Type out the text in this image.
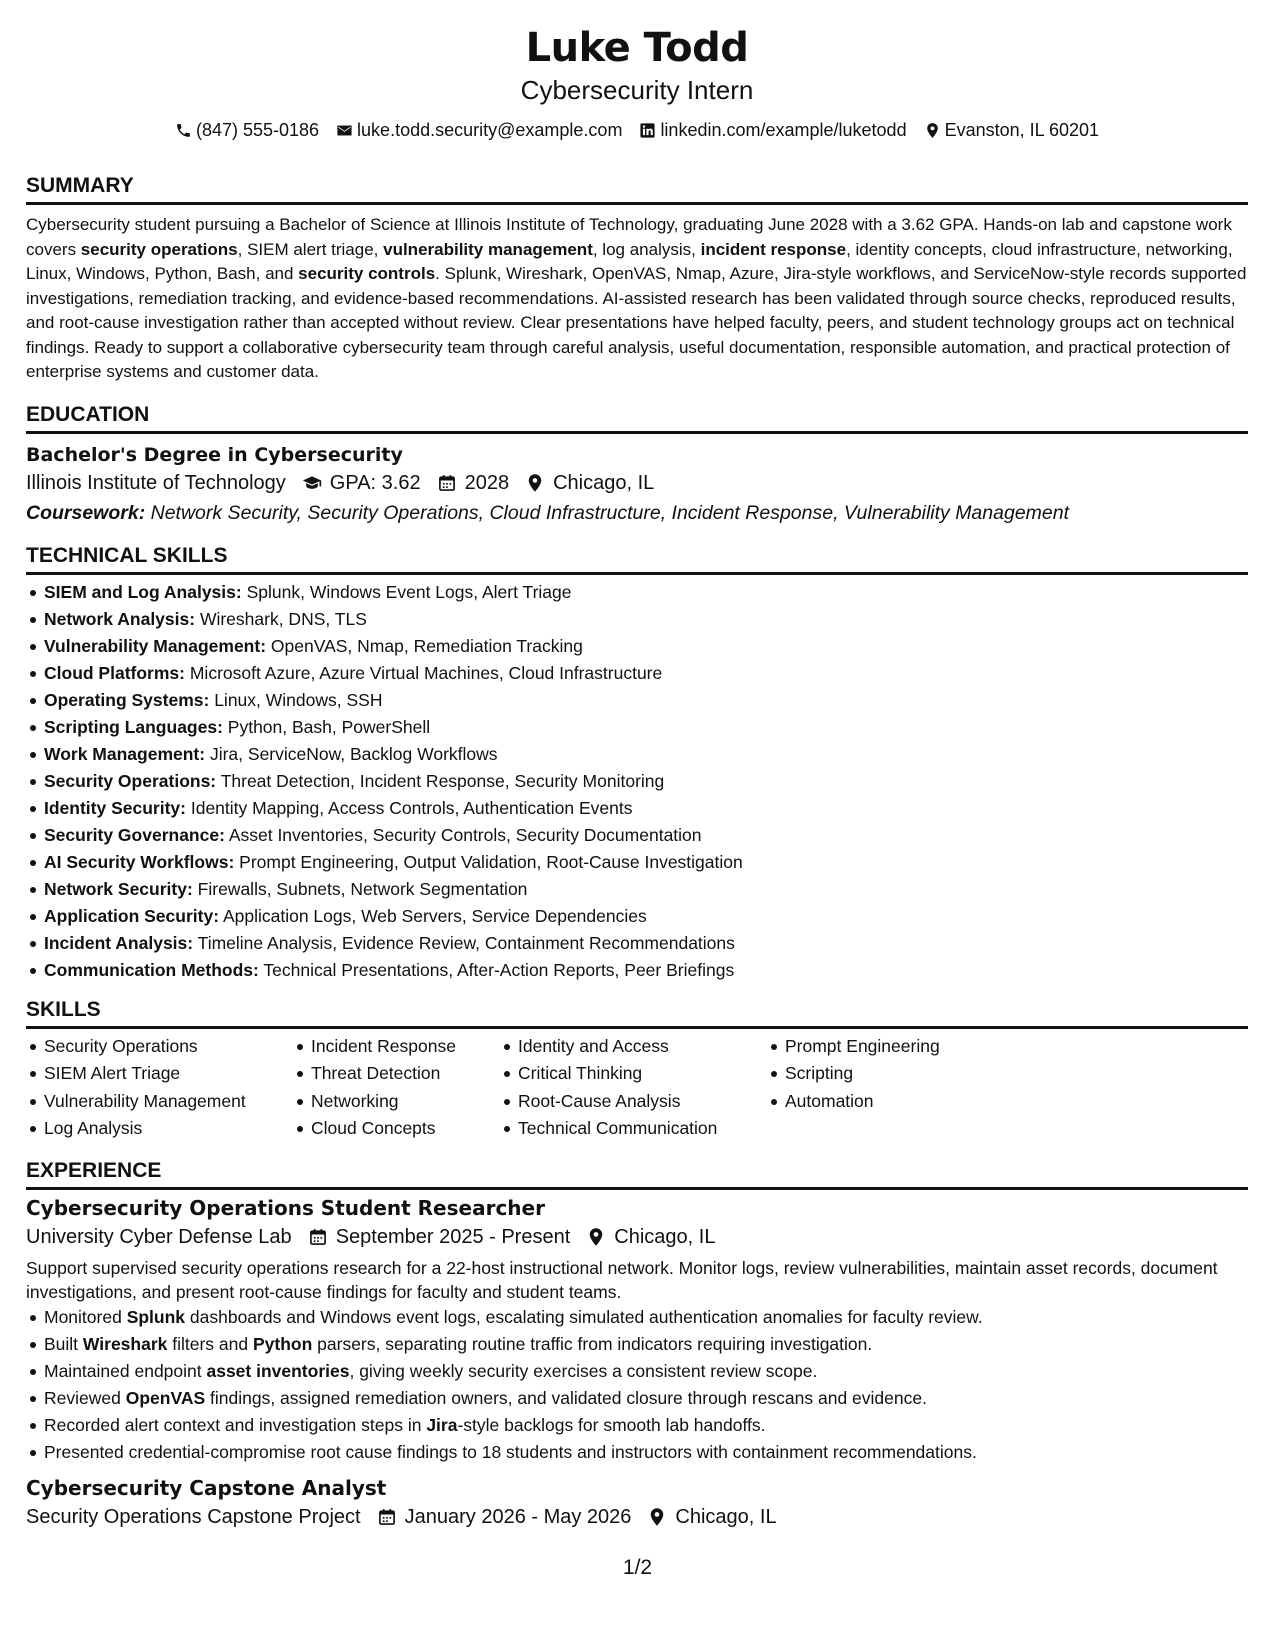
Luke Todd
Cybersecurity Intern
(847) 555-0186 luke.todd.security@example.com linkedin.com/example/luketodd Evanston, IL 60201
SUMMARY

Cybersecurity student pursuing a Bachelor of Science at Illinois Institute of Technology, graduating June 2028 with a 3.62 GPA. Hands-on lab and capstone work covers security operations, SIEM alert triage, vulnerability management, log analysis, incident response, identity concepts, cloud infrastructure, networking, Linux, Windows, Python, Bash, and security controls. Splunk, Wireshark, OpenVAS, Nmap, Azure, Jira-style workflows, and ServiceNow-style records supported investigations, remediation tracking, and evidence-based recommendations. AI-assisted research has been validated through source checks, reproduced results, and root-cause investigation rather than accepted without review. Clear presentations have helped faculty, peers, and student technology groups act on technical findings. Ready to support a collaborative cybersecurity team through careful analysis, useful documentation, responsible automation, and practical protection of enterprise systems and customer data.

EDUCATION
Bachelor's Degree in Cybersecurity
Illinois Institute of Technology GPA: 3.62 2028 Chicago, IL
Coursework: Network Security, Security Operations, Cloud Infrastructure, Incident Response, Vulnerability Management
TECHNICAL SKILLS
SIEM and Log Analysis: Splunk, Windows Event Logs, Alert Triage
Network Analysis: Wireshark, DNS, TLS
Vulnerability Management: OpenVAS, Nmap, Remediation Tracking
Cloud Platforms: Microsoft Azure, Azure Virtual Machines, Cloud Infrastructure
Operating Systems: Linux, Windows, SSH
Scripting Languages: Python, Bash, PowerShell
Work Management: Jira, ServiceNow, Backlog Workflows
Security Operations: Threat Detection, Incident Response, Security Monitoring
Identity Security: Identity Mapping, Access Controls, Authentication Events
Security Governance: Asset Inventories, Security Controls, Security Documentation
AI Security Workflows: Prompt Engineering, Output Validation, Root-Cause Investigation
Network Security: Firewalls, Subnets, Network Segmentation
Application Security: Application Logs, Web Servers, Service Dependencies
Incident Analysis: Timeline Analysis, Evidence Review, Containment Recommendations
Communication Methods: Technical Presentations, After-Action Reports, Peer Briefings
SKILLS
Security Operations
SIEM Alert Triage
Vulnerability Management
Log Analysis
Incident Response
Threat Detection
Networking
Cloud Concepts
Identity and Access
Critical Thinking
Root-Cause Analysis
Technical Communication
Prompt Engineering
Scripting
Automation
EXPERIENCE
Cybersecurity Operations Student Researcher
University Cyber Defense Lab September 2025 - Present Chicago, IL
Support supervised security operations research for a 22-host instructional network. Monitor logs, review vulnerabilities, maintain asset records, document investigations, and present root-cause findings for faculty and student teams.
Monitored Splunk dashboards and Windows event logs, escalating simulated authentication anomalies for faculty review.
Built Wireshark filters and Python parsers, separating routine traffic from indicators requiring investigation.
Maintained endpoint asset inventories, giving weekly security exercises a consistent review scope.
Reviewed OpenVAS findings, assigned remediation owners, and validated closure through rescans and evidence.
Recorded alert context and investigation steps in Jira-style backlogs for smooth lab handoffs.
Presented credential-compromise root cause findings to 18 students and instructors with containment recommendations.
Cybersecurity Capstone Analyst
Security Operations Capstone Project January 2026 - May 2026 Chicago, IL
1/2
